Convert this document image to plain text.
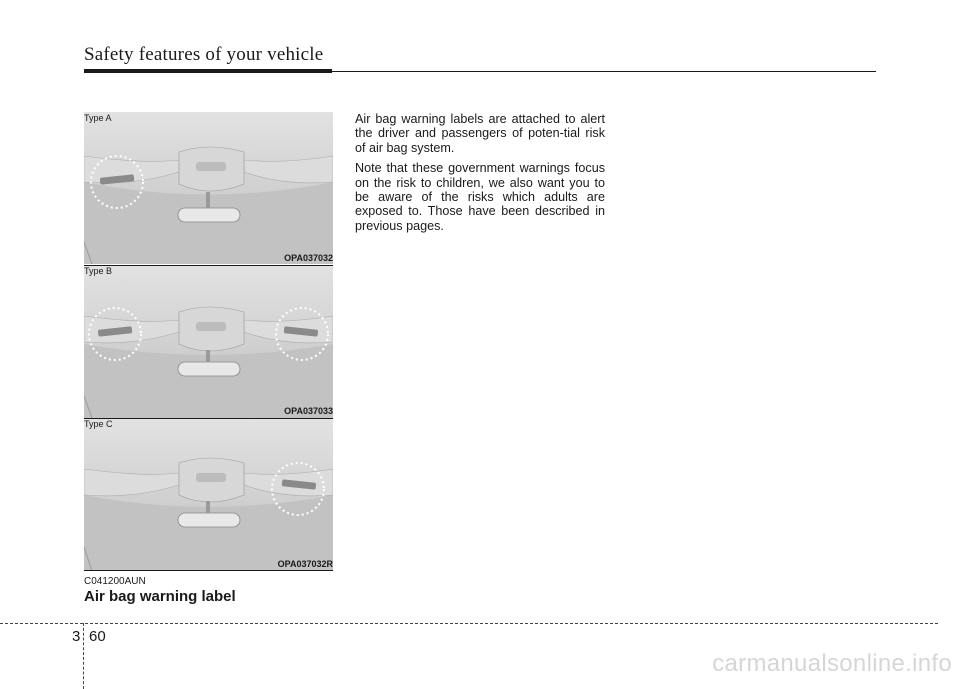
Safety features of your vehicle
Type A
OPA037032
Type B
OPA037033
Type C
OPA037032R
C041200AUN
Air bag warning label

Air bag warning labels are attached to alert the driver and passengers of poten-tial risk of air bag system.

Note that these government warnings focus on the risk to children, we also want you to be aware of the risks which adults are exposed to. Those have been described in previous pages.

3 60
carmanualsonline.info
